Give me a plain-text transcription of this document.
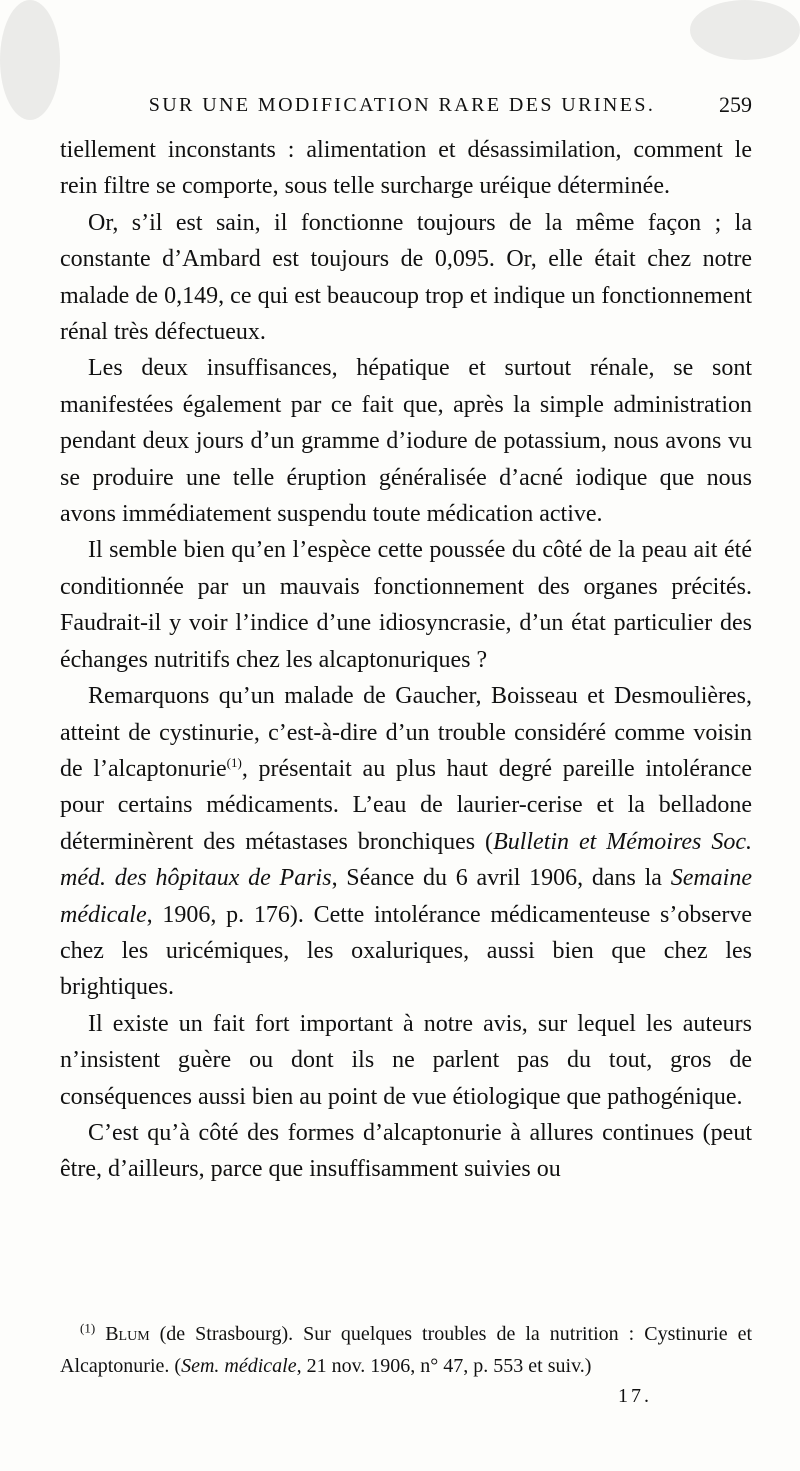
SUR UNE MODIFICATION RARE DES URINES.	259

tiellement inconstants : alimentation et désassimilation, comment le rein filtre se comporte, sous telle surcharge uréique déterminée.

Or, s’il est sain, il fonctionne toujours de la même façon ; la constante d’Ambard est toujours de 0,095. Or, elle était chez notre malade de 0,149, ce qui est beaucoup trop et indique un fonctionnement rénal très défectueux.

Les deux insuffisances, hépatique et surtout rénale, se sont manifestées également par ce fait que, après la simple administration pendant deux jours d’un gramme d’iodure de potassium, nous avons vu se produire une telle éruption généralisée d’acné iodique que nous avons immédiatement suspendu toute médication active.

Il semble bien qu’en l’espèce cette poussée du côté de la peau ait été conditionnée par un mauvais fonctionnement des organes précités. Faudrait-il y voir l’indice d’une idiosyncrasie, d’un état particulier des échanges nutritifs chez les alcaptonuriques ?

Remarquons qu’un malade de Gaucher, Boisseau et Desmoulières, atteint de cystinurie, c’est-à-dire d’un trouble considéré comme voisin de l’alcaptonurie$^{(1)}$, présentait au plus haut degré pareille intolérance pour certains médicaments. L’eau de laurier-cerise et la belladone déterminèrent des métastases bronchiques (Bulletin et Mémoires Soc. méd. des hôpitaux de Paris, Séance du 6 avril 1906, dans la Semaine médicale, 1906, p. 176). Cette intolérance médicamenteuse s’observe chez les uricémiques, les oxaluriques, aussi bien que chez les brightiques.

Il existe un fait fort important à notre avis, sur lequel les auteurs n’insistent guère ou dont ils ne parlent pas du tout, gros de conséquences aussi bien au point de vue étiologique que pathogénique.

C’est qu’à côté des formes d’alcaptonurie à allures continues (peut être, d’ailleurs, parce que insuffisamment suivies ou

$^{(1)}$ Blum (de Strasbourg). Sur quelques troubles de la nutrition : Cystinurie et Alcaptonurie. (Sem. médicale, 21 nov. 1906, n° 47, p. 553 et suiv.)

17.
